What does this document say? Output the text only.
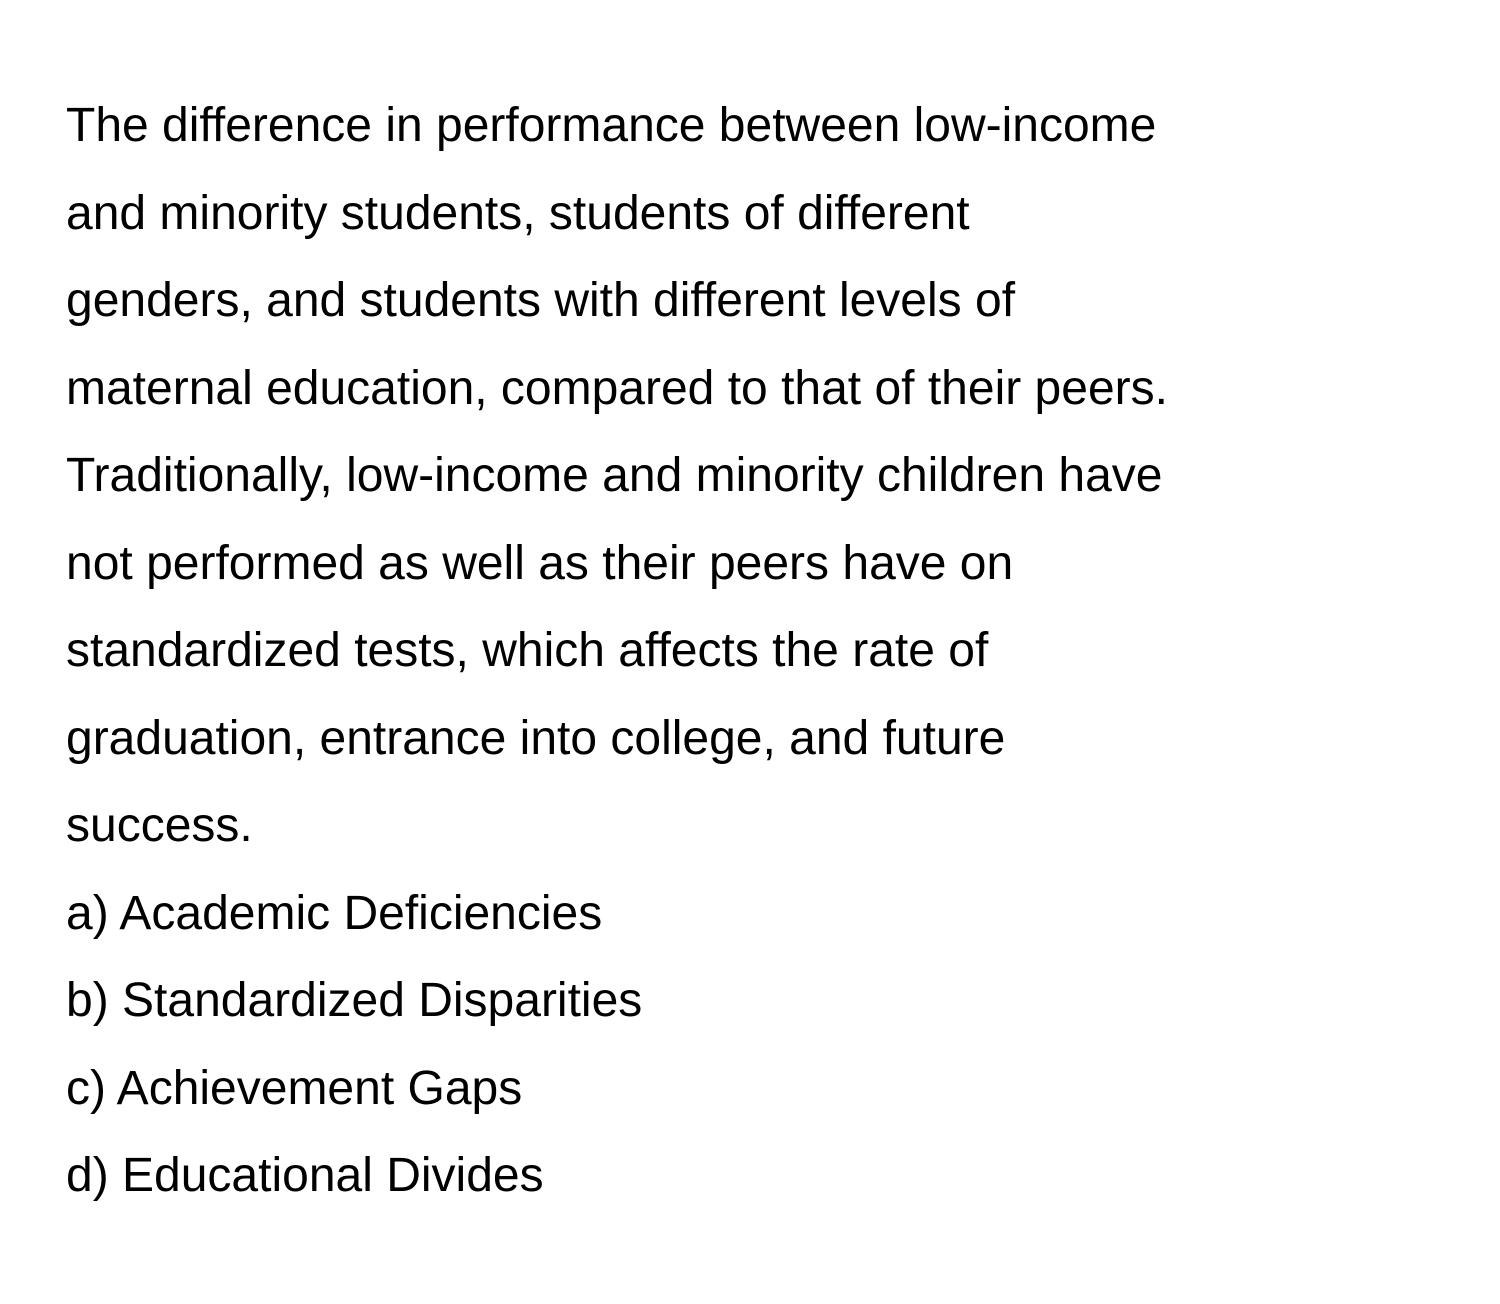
The difference in performance between low-income
and minority students, students of different
genders, and students with different levels of
maternal education, compared to that of their peers.
Traditionally, low-income and minority children have
not performed as well as their peers have on
standardized tests, which affects the rate of
graduation, entrance into college, and future
success.

a) Academic Deficiencies
b) Standardized Disparities
c) Achievement Gaps
d) Educational Divides
